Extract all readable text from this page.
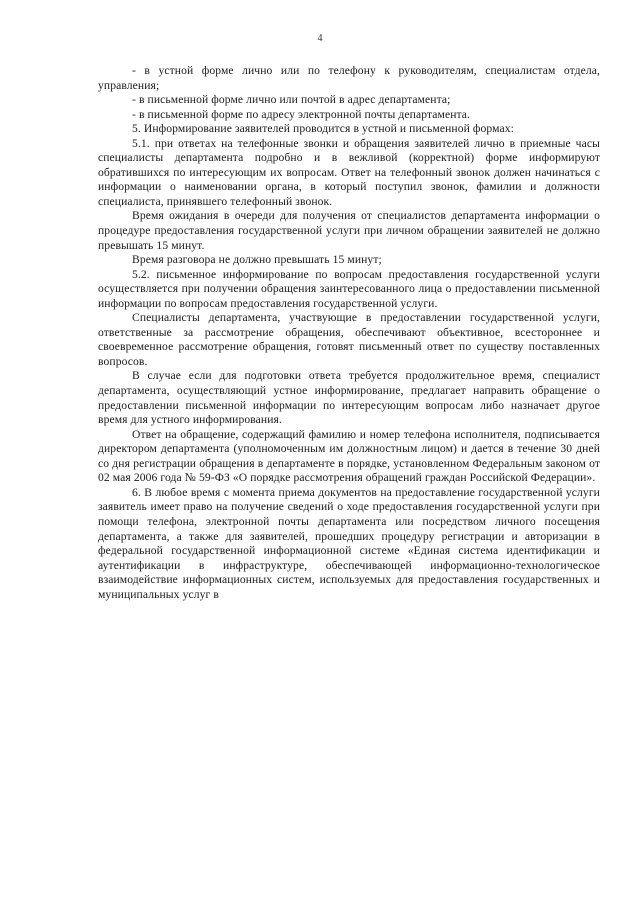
4

- в устной форме лично или по телефону к руководителям, специалистам отдела, управления;

- в письменной форме лично или почтой в адрес департамента;

- в письменной форме по адресу электронной почты департамента.

5. Информирование заявителей проводится в устной и письменной формах:

5.1. при ответах на телефонные звонки и обращения заявителей лично в приемные часы специалисты департамента подробно и в вежливой (корректной) форме информируют обратившихся по интересующим их вопросам. Ответ на телефонный звонок должен начинаться с информации о наименовании органа, в который поступил звонок, фамилии и должности специалиста, принявшего телефонный звонок.

Время ожидания в очереди для получения от специалистов департамента информации о процедуре предоставления государственной услуги при личном обращении заявителей не должно превышать 15 минут.

Время разговора не должно превышать 15 минут;

5.2. письменное информирование по вопросам предоставления государственной услуги осуществляется при получении обращения заинтересованного лица о предоставлении письменной информации по вопросам предоставления государственной услуги.

Специалисты департамента, участвующие в предоставлении государственной услуги, ответственные за рассмотрение обращения, обеспечивают объективное, всестороннее и своевременное рассмотрение обращения, готовят письменный ответ по существу поставленных вопросов.

В случае если для подготовки ответа требуется продолжительное время, специалист департамента, осуществляющий устное информирование, предлагает направить обращение о предоставлении письменной информации по интересующим вопросам либо назначает другое время для устного информирования.

Ответ на обращение, содержащий фамилию и номер телефона исполнителя, подписывается директором департамента (уполномоченным им должностным лицом) и дается в течение 30 дней со дня регистрации обращения в департаменте в порядке, установленном Федеральным законом от 02 мая 2006 года № 59-ФЗ «О порядке рассмотрения обращений граждан Российской Федерации».

6. В любое время с момента приема документов на предоставление государственной услуги заявитель имеет право на получение сведений о ходе предоставления государственной услуги при помощи телефона, электронной почты департамента или посредством личного посещения департамента, а также для заявителей, прошедших процедуру регистрации и авторизации в федеральной государственной информационной системе «Единая система идентификации и аутентификации в инфраструктуре, обеспечивающей информационно-технологическое взаимодействие информационных систем, используемых для предоставления государственных и муниципальных услуг в
